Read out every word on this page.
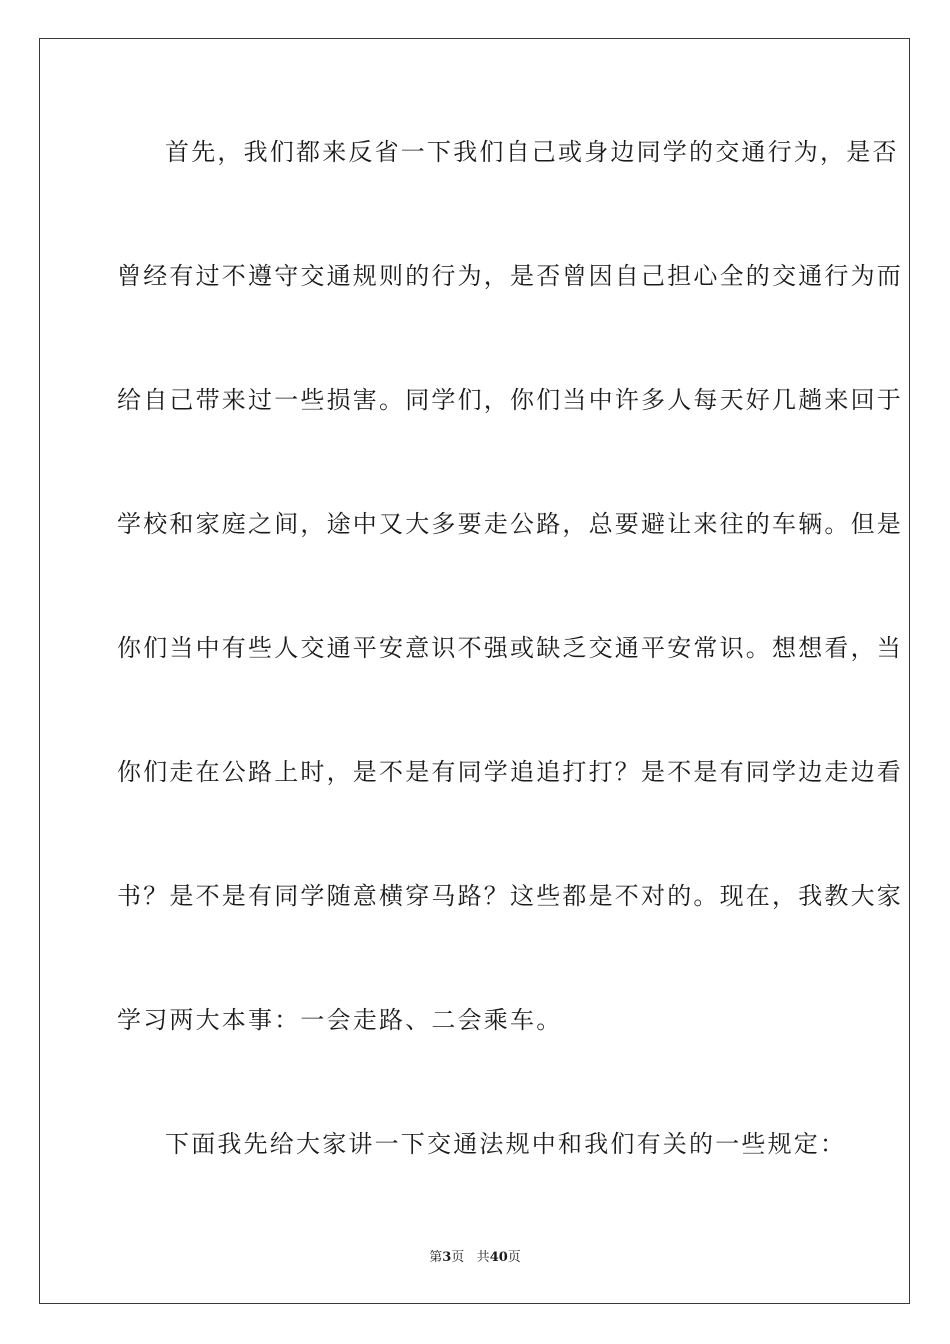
首先，我们都来反省一下我们自己或身边同学的交通行为，是否
曾经有过不遵守交通规则的行为，是否曾因自己担心全的交通行为而
给自己带来过一些损害。同学们，你们当中许多人每天好几趟来回于
学校和家庭之间，途中又大多要走公路，总要避让来往的车辆。但是
你们当中有些人交通平安意识不强或缺乏交通平安常识。想想看，当
你们走在公路上时，是不是有同学追追打打？是不是有同学边走边看
书？是不是有同学随意横穿马路？这些都是不对的。现在，我教大家
学习两大本事：一会走路、二会乘车。
下面我先给大家讲一下交通法规中和我们有关的一些规定：
第3页 共40页
